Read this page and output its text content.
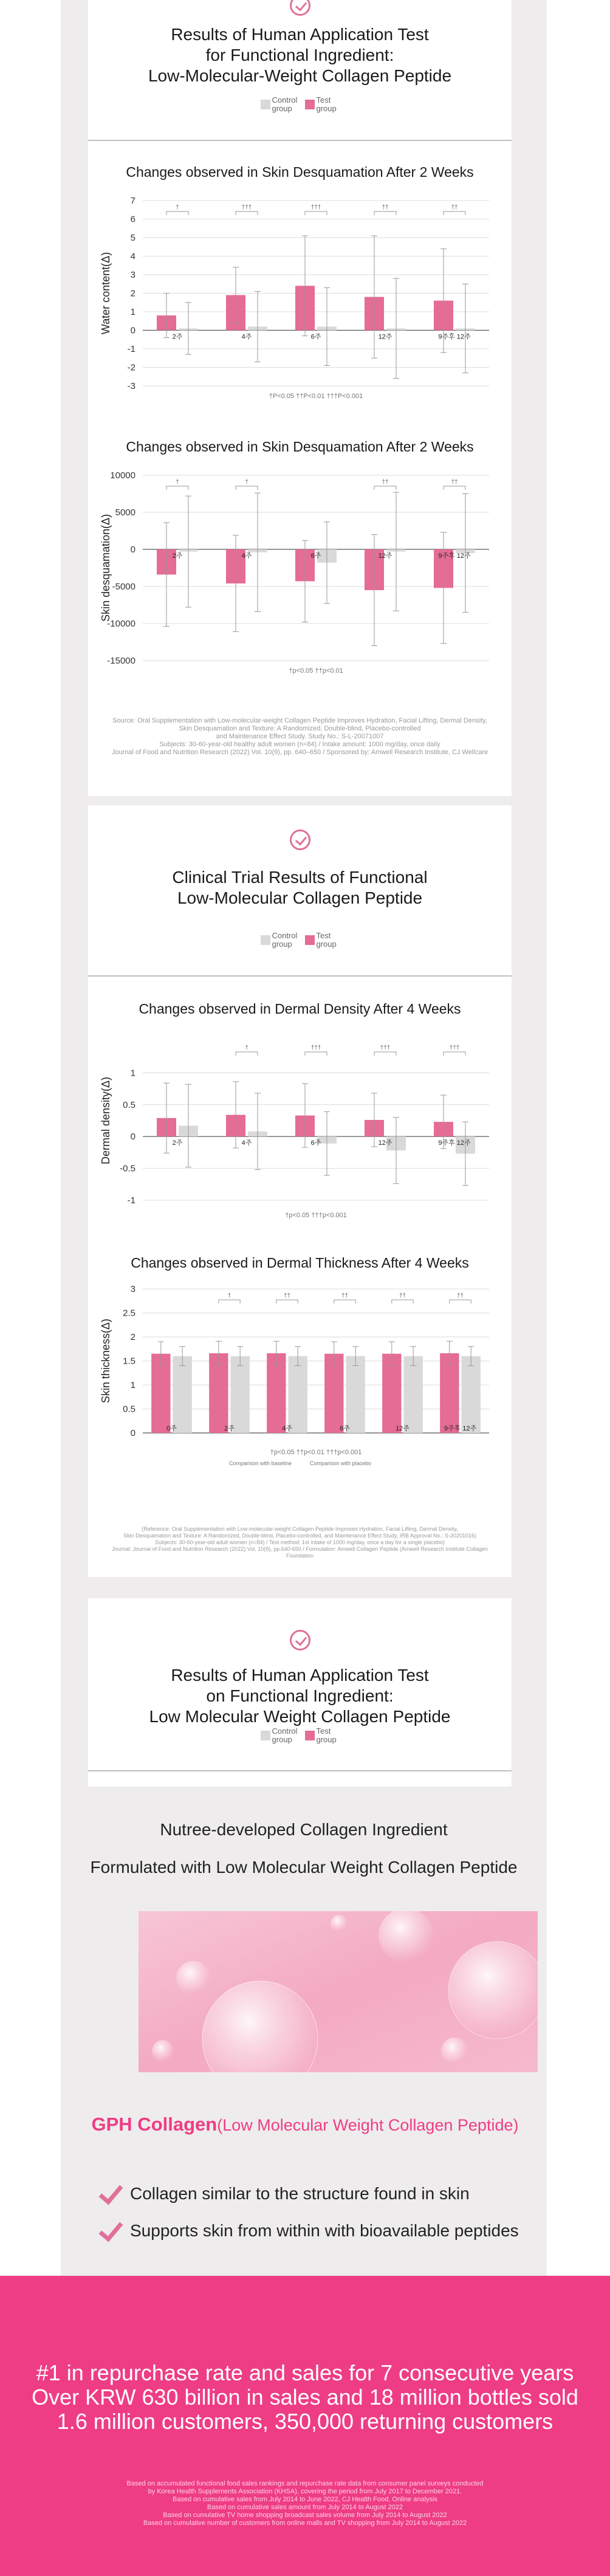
Results of Human Application Test
for Functional Ingredient:
Low-Molecular-Weight Collagen Peptide
Control group
Test group
Changes observed in Skin Desquamation After 2 Weeks
-3
-2
-1
0
1
2
3
4
5
6
7
Water content(Δ)
2주
†
4주
†††
6주
†††
12주
††
9주후 12주
††
†P<0.05 ††P<0.01 †††P<0.001
Changes observed in Skin Desquamation After 2 Weeks
-15000
-10000
-5000
0
5000
10000
Skin desquamation(Δ)	2주
†
4주
†
6주	12주
††
9주후 12주
††
†p<0.05 ††p<0.01
Source: Oral Supplementation with Low-molecular-weight Collagen Peptide Improves Hydration, Facial Lifting, Dermal Density,
Skin Desquamation and Texture: A Randomized, Double-blind, Placebo-controlled
and Maintenance Effect Study. Study No.: S-L-20071007
Subjects: 30-60-year-old healthy adult women (n=84) / Intake amount: 1000 mg/day, once daily
Journal of Food and Nutrition Research (2022) Vol. 10(9), pp. 640–650 / Sponsored by: Amwell Research Institute, CJ Wellcare
Clinical Trial Results of Functional
Low-Molecular Collagen Peptide
Control group
Test group
Changes observed in Dermal Density After 4 Weeks
-1
-0.5
0
0.5
1
Dermal density(Δ)	2주	4주
†
6주
†††
12주
†††
9주후 12주
†††
†p<0.05 †††p<0.001
Changes observed in Dermal Thickness After 4 Weeks
0
0.5
1
1.5
2
2.5
3
Skin thickness(Δ)
0주	2주
†
4주
††
6주
††
12주
††
9주후 12주
††
†p<0.05 ††p<0.01 †††p<0.001
Comparison with baseline	Comparison with placebo
(Reference: Oral Supplementation with Low-molecular-weight Collagen Peptide Improves Hydration, Facial Lifting, Dermal Density,
Skin Desquamation and Texture: A Randomized, Double-blind, Placebo-controlled, and Maintenance Effect Study, IRB Approval No.: S-20201016)
Subjects: 30-60-year-old adult women (n=84) / Test method: 1st intake of 1000 mg/day, once a day for a single placebo)
Journal: Journal of Food and Nutrition Research (2022) Vol. 10(9), pp.640-650 / Formulation: Amwell Collagen Peptide (Amwell Research Institute Collagen Foundation
Results of Human Application Test
on Functional Ingredient:
Low Molecular Weight Collagen Peptide
Control group
Test group
Nutree-developed Collagen Ingredient
Formulated with Low Molecular Weight Collagen Peptide
GPH Collagen(Low Molecular Weight Collagen Peptide)
Collagen similar to the structure found in skin
Supports skin from within with bioavailable peptides
#1 in repurchase rate and sales for 7 consecutive years
Over KRW 630 billion in sales and 18 million bottles sold
1.6 million customers, 350,000 returning customers
Based on accumulated functional food sales rankings and repurchase rate data from consumer panel surveys conducted
by Korea Health Supplements Association (KHSA), covering the period from July 2017 to December 2021.
Based on cumulative sales from July 2014 to June 2022, CJ Health Food, Online analysis
Based on cumulative sales amount from July 2014 to August 2022
Based on cumulative TV home shopping broadcast sales volume from July 2014 to August 2022
Based on cumulative number of customers from online malls and TV shopping from July 2014 to August 2022
